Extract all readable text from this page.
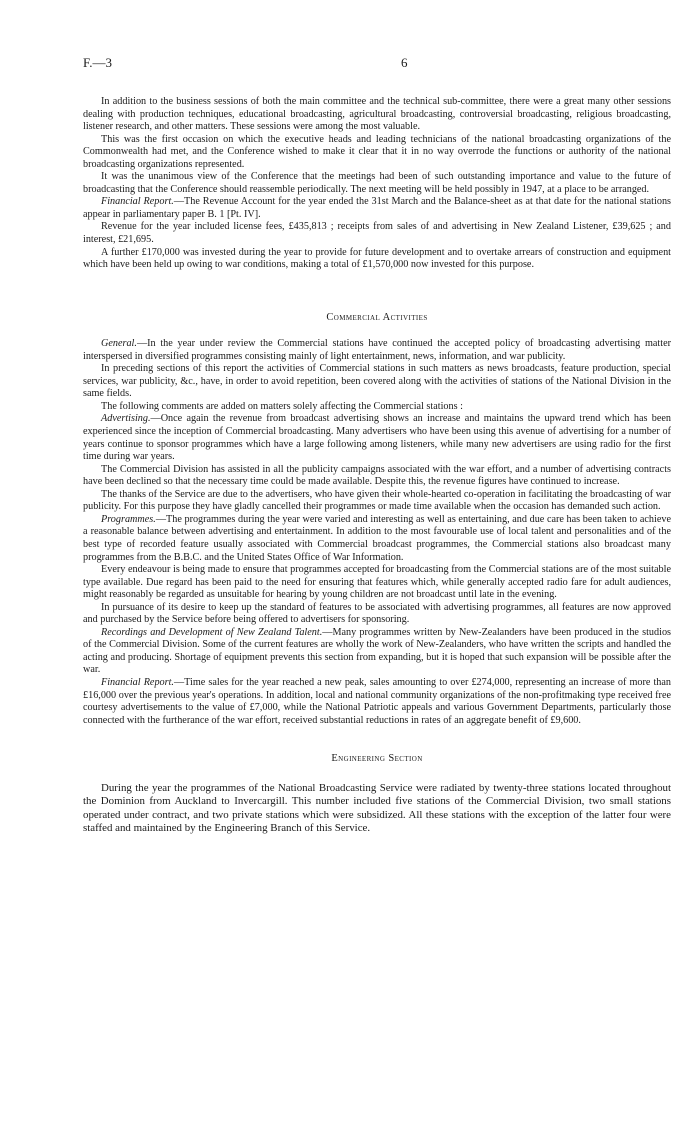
F.—3	6

In addition to the business sessions of both the main committee and the technical sub-committee, there were a great many other sessions dealing with production techniques, educational broadcasting, agricultural broadcasting, controversial broadcasting, religious broadcasting, listener research, and other matters. These sessions were among the most valuable.

This was the first occasion on which the executive heads and leading technicians of the national broadcasting organizations of the Commonwealth had met, and the Conference wished to make it clear that it in no way overrode the functions or authority of the national broadcasting organizations represented.

It was the unanimous view of the Conference that the meetings had been of such outstanding importance and value to the future of broadcasting that the Conference should reassemble periodically. The next meeting will be held possibly in 1947, at a place to be arranged.

Financial Report.—The Revenue Account for the year ended the 31st March and the Balance-sheet as at that date for the national stations appear in parliamentary paper B. 1 [Pt. IV].

Revenue for the year included license fees, £435,813 ; receipts from sales of and advertising in New Zealand Listener, £39,625 ; and interest, £21,695.

A further £170,000 was invested during the year to provide for future development and to overtake arrears of construction and equipment which have been held up owing to war conditions, making a total of £1,570,000 now invested for this purpose.

Commercial Activities

General.—In the year under review the Commercial stations have continued the accepted policy of broadcasting advertising matter interspersed in diversified programmes consisting mainly of light entertainment, news, information, and war publicity.

In preceding sections of this report the activities of Commercial stations in such matters as news broadcasts, feature production, special services, war publicity, &c., have, in order to avoid repetition, been covered along with the activities of stations of the National Division in the same fields.

The following comments are added on matters solely affecting the Commercial stations :

Advertising.—Once again the revenue from broadcast advertising shows an increase and maintains the upward trend which has been experienced since the inception of Commercial broadcasting. Many advertisers who have been using this avenue of advertising for a number of years continue to sponsor programmes which have a large following among listeners, while many new advertisers are using radio for the first time during war years.

The Commercial Division has assisted in all the publicity campaigns associated with the war effort, and a number of advertising contracts have been declined so that the necessary time could be made available. Despite this, the revenue figures have continued to increase.

The thanks of the Service are due to the advertisers, who have given their whole-hearted co-operation in facilitating the broadcasting of war publicity. For this purpose they have gladly cancelled their programmes or made time available when the occasion has demanded such action.

Programmes.—The programmes during the year were varied and interesting as well as entertaining, and due care has been taken to achieve a reasonable balance between advertising and entertainment. In addition to the most favourable use of local talent and personalities and of the best type of recorded feature usually associated with Commercial broadcast programmes, the Commercial stations also broadcast many programmes from the B.B.C. and the United States Office of War Information.

Every endeavour is being made to ensure that programmes accepted for broadcasting from the Commercial stations are of the most suitable type available. Due regard has been paid to the need for ensuring that features which, while generally accepted radio fare for adult audiences, might reasonably be regarded as unsuitable for hearing by young children are not broadcast until late in the evening.

In pursuance of its desire to keep up the standard of features to be associated with advertising programmes, all features are now approved and purchased by the Service before being offered to advertisers for sponsoring.

Recordings and Development of New Zealand Talent.—Many programmes written by New-Zealanders have been produced in the studios of the Commercial Division. Some of the current features are wholly the work of New-Zealanders, who have written the scripts and handled the acting and producing. Shortage of equipment prevents this section from expanding, but it is hoped that such expansion will be possible after the war.

Financial Report.—Time sales for the year reached a new peak, sales amounting to over £274,000, representing an increase of more than £16,000 over the previous year's operations. In addition, local and national community organizations of the non-profitmaking type received free courtesy advertisements to the value of £7,000, while the National Patriotic appeals and various Government Departments, particularly those connected with the furtherance of the war effort, received substantial reductions in rates of an aggregate benefit of £9,600.

Engineering Section

During the year the programmes of the National Broadcasting Service were radiated by twenty-three stations located throughout the Dominion from Auckland to Invercargill. This number included five stations of the Commercial Division, two small stations operated under contract, and two private stations which were subsidized. All these stations with the exception of the latter four were staffed and maintained by the Engineering Branch of this Service.
